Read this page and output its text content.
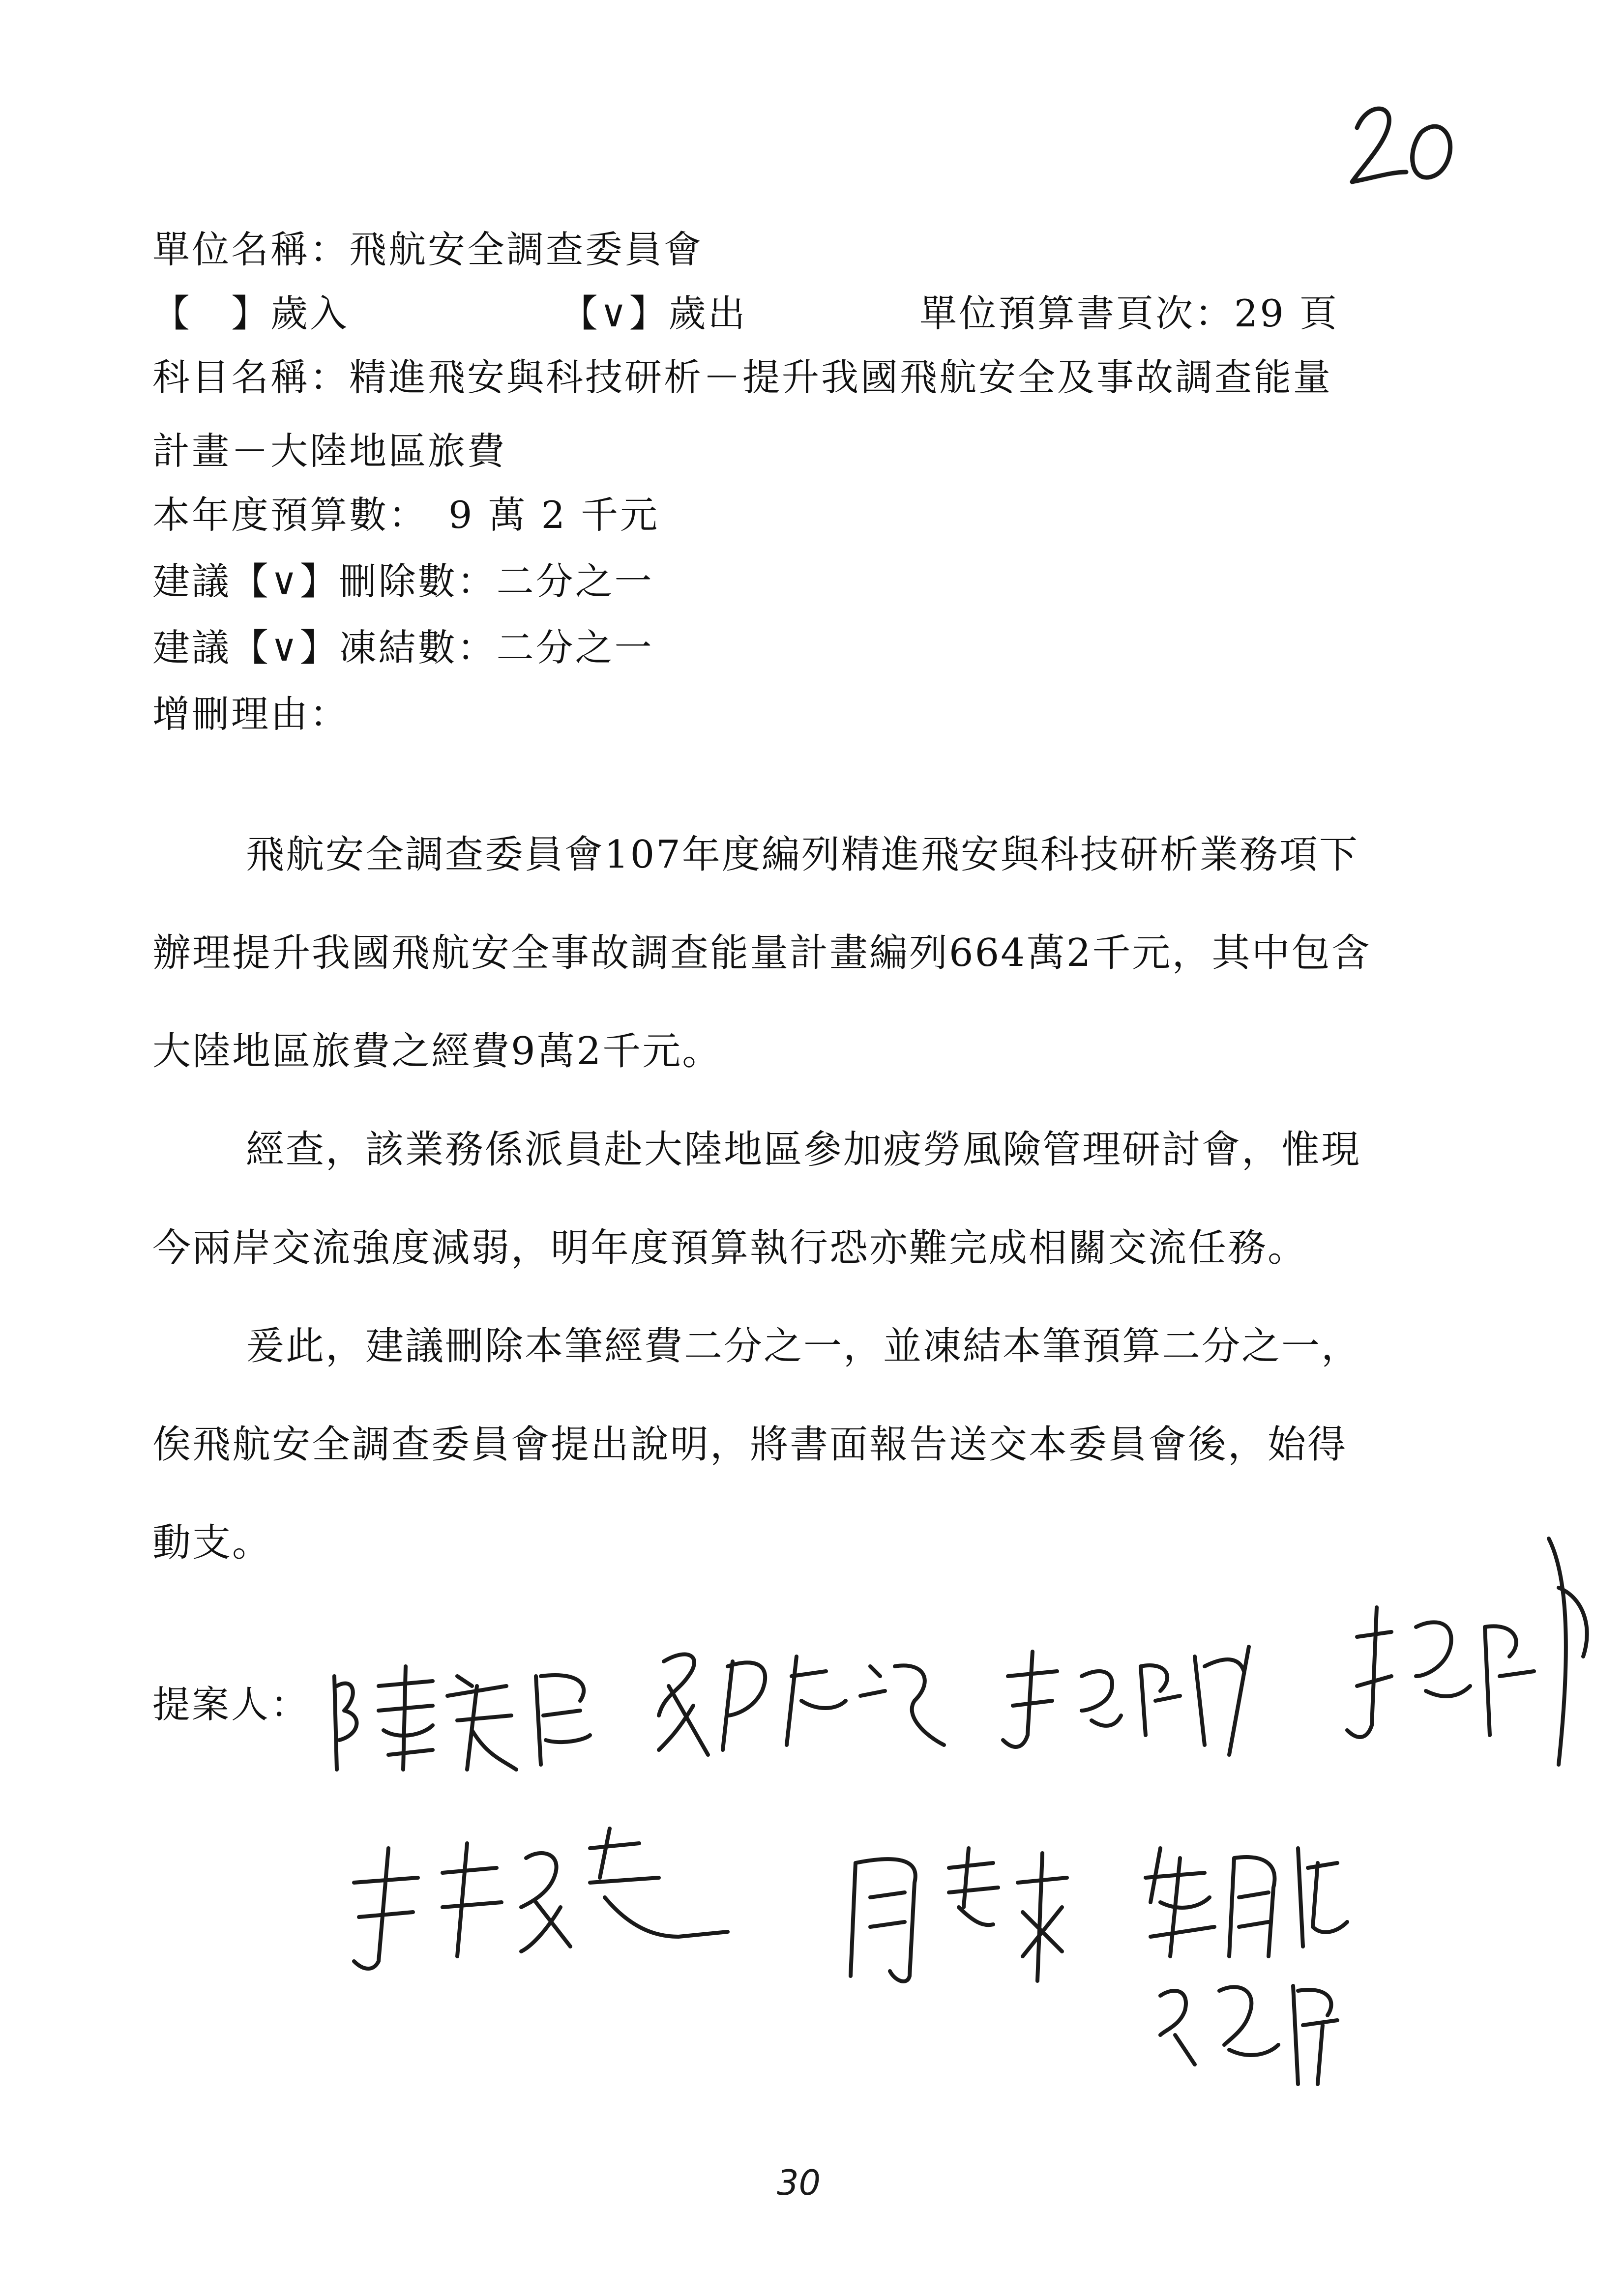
單位名稱：飛航安全調查委員會
【　】歲入	【∨】歲出	單位預算書頁次：29 頁
科目名稱：精進飛安與科技研析－提升我國飛航安全及事故調查能量
計畫－大陸地區旅費
本年度預算數：　9 萬 2 千元
建議【∨】刪除數：二分之一
建議【∨】凍結數：二分之一
增刪理由：
飛航安全調查委員會107年度編列精進飛安與科技研析業務項下
辦理提升我國飛航安全事故調查能量計畫編列664萬2千元，其中包含
大陸地區旅費之經費9萬2千元。
經查，該業務係派員赴大陸地區參加疲勞風險管理研討會，惟現
今兩岸交流強度減弱，明年度預算執行恐亦難完成相關交流任務。
爰此，建議刪除本筆經費二分之一，並凍結本筆預算二分之一，
俟飛航安全調查委員會提出說明，將書面報告送交本委員會後，始得
動支。
提案人：
30
